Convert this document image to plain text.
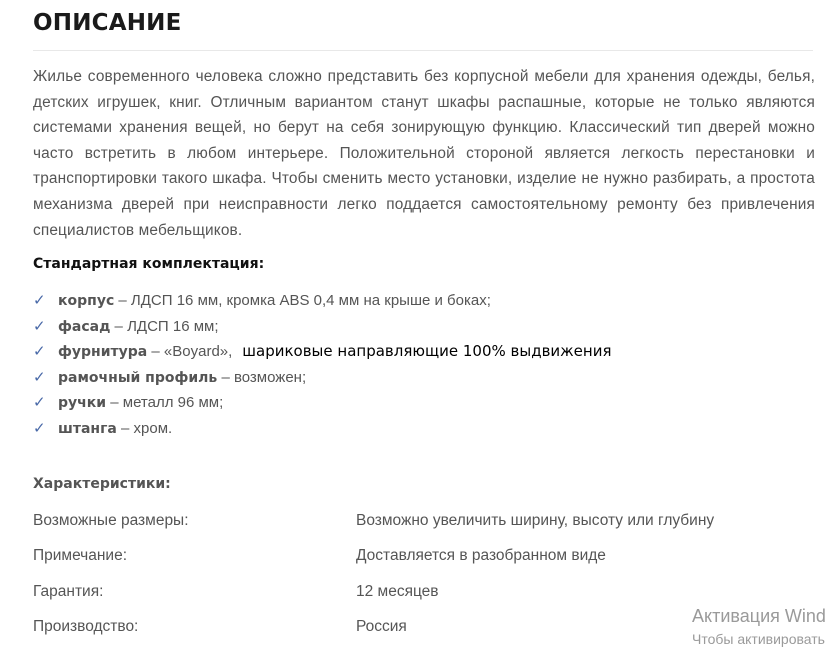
ОПИСАНИЕ
Жилье современного человека сложно представить без корпусной мебели для хранения одежды, белья, детских игрушек, книг. Отличным вариантом станут шкафы распашные, которые не только являются системами хранения вещей, но берут на себя зонирующую функцию. Классический тип дверей можно часто встретить в любом интерьере. Положительной стороной является легкость перестановки и транспортировки такого шкафа. Чтобы сменить место установки, изделие не нужно разбирать, а простота механизма дверей при неисправности легко поддается самостоятельному ремонту без привлечения специалистов мебельщиков.
Стандартная комплектация:
✓ корпус – ЛДСП 16 мм, кромка ABS 0,4 мм на крыше и боках;
✓ фасад – ЛДСП 16 мм;
✓ фурнитура – «Boyard», шариковые направляющие 100% выдвижения
✓ рамочный профиль – возможен;
✓ ручки – металл 96 мм;
✓ штанга – хром.
Характеристики:
Возможные размеры:	Возможно увеличить ширину, высоту или глубину
Примечание:	Доставляется в разобранном виде
Гарантия:	12 месяцев
Производство:	Россия
Активация Wind
Чтобы активировать
